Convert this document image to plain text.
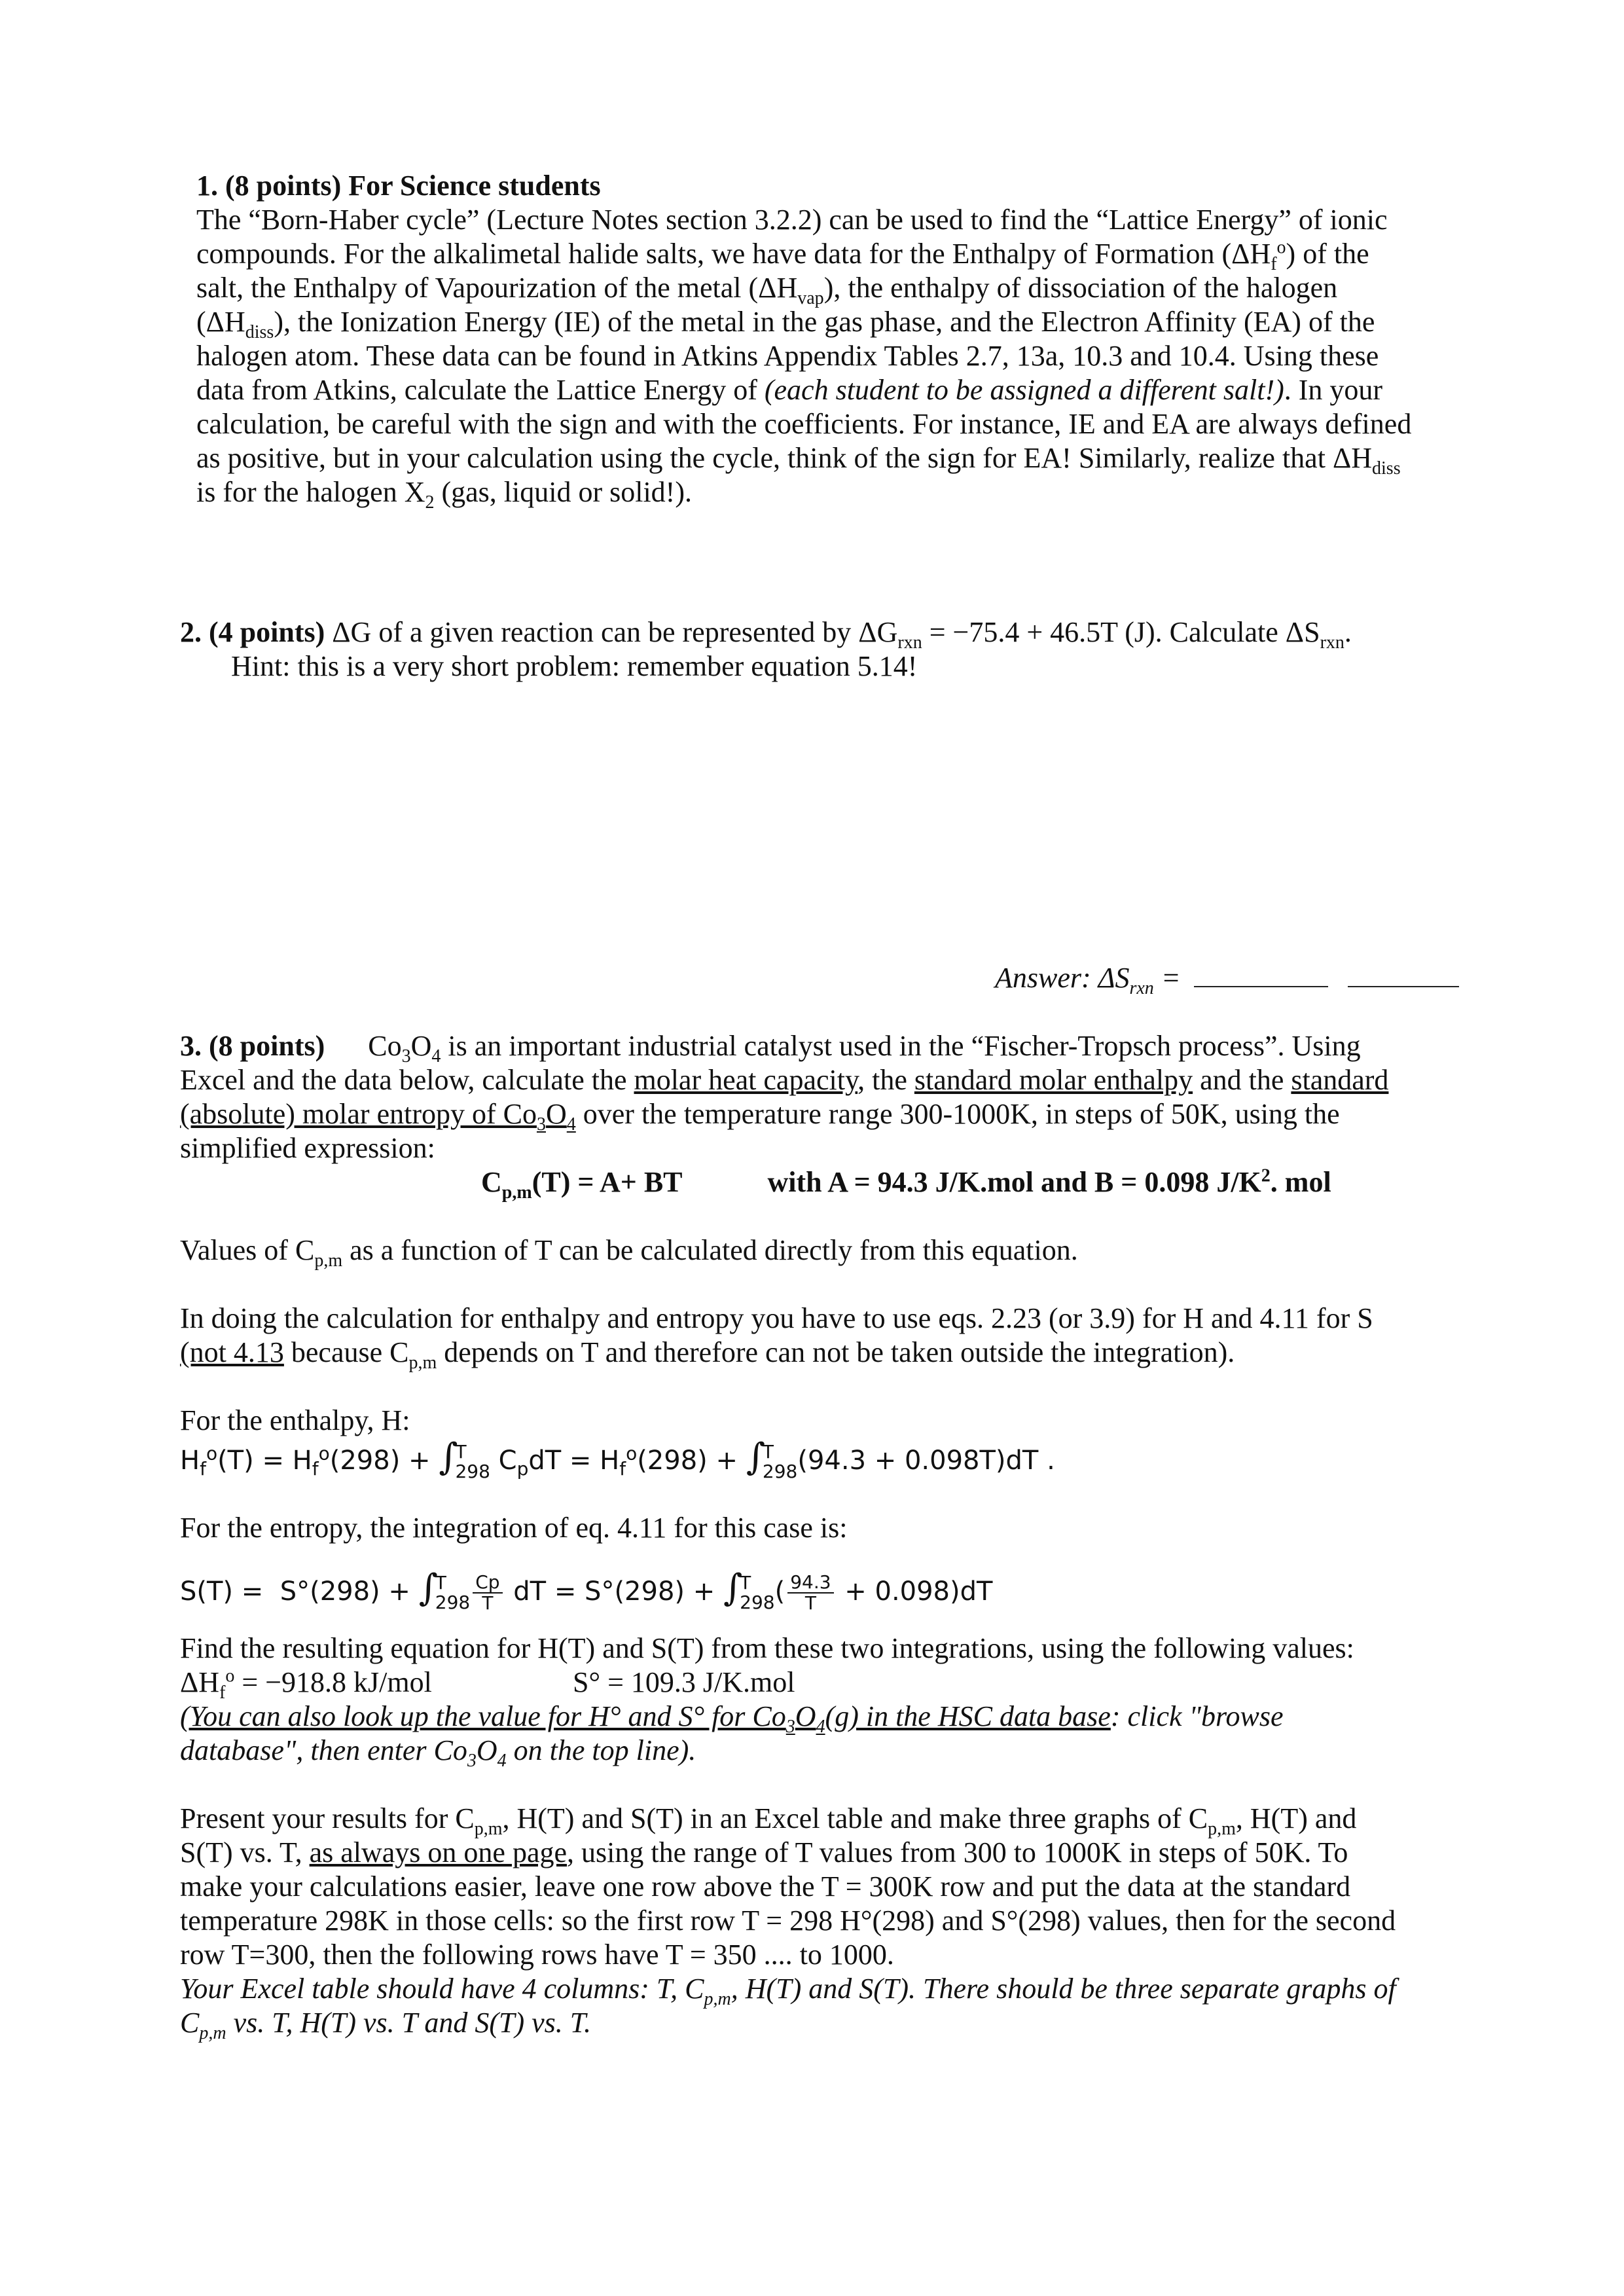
1. (8 points) For Science students
The “Born-Haber cycle” (Lecture Notes section 3.2.2) can be used to find the “Lattice Energy” of ionic
compounds. For the alkalimetal halide salts, we have data for the Enthalpy of Formation $(\Delta H_f^o)$ of the
salt, the Enthalpy of Vapourization of the metal $(\Delta H_{vap})$, the enthalpy of dissociation of the halogen
$(\Delta H_{diss})$, the Ionization Energy (IE) of the metal in the gas phase, and the Electron Affinity (EA) of the
halogen atom. These data can be found in Atkins Appendix Tables 2.7, 13a, 10.3 and 10.4. Using these
data from Atkins, calculate the Lattice Energy of (each student to be assigned a different salt!). In your
calculation, be careful with the sign and with the coefficients. For instance, IE and EA are always defined
as positive, but in your calculation using the cycle, think of the sign for EA! Similarly, realize that $\Delta H_{diss}$
is for the halogen $X_2$ (gas, liquid or solid!).
2. (4 points) ΔG of a given reaction can be represented by $\Delta G_{rxn} = -75.4 + 46.5T$ (J). Calculate $\Delta S_{rxn}$.
Hint: this is a very short problem: remember equation 5.14!
Answer: $\Delta S_{rxn}$ =
3. (8 points)      $Co_3O_4$ is an important industrial catalyst used in the “Fischer-Tropsch process”. Using
Excel and the data below, calculate the molar heat capacity, the standard molar enthalpy and the standard
(absolute) molar entropy of $Co_3O_4$ over the temperature range 300-1000K, in steps of 50K, using the
simplified expression:
$C_{p,m}(T) = A+$ BT	with A = 94.3 J/K.mol and B = 0.098 $J/K^2$. mol
Values of $C_{p,m}$ as a function of T can be calculated directly from this equation.
In doing the calculation for enthalpy and entropy you have to use eqs. 2.23 (or 3.9) for H and 4.11 for S
(not 4.13 because $C_{p,m}$ depends on T and therefore can not be taken outside the integration).
For the enthalpy, H:
$H_f^o(T) = H_f^o(298)$ + ∫
T
298 $C_pdT = H_f^o(298)$ + ∫
T
298 (94.3 + 0.098T)dT .
For the entropy, the integration of eq. 4.11 for this case is:
S(T) =  S°(298) + ∫
T
$298 \frac{Cp}{T}$ dT = S°(298) + ∫
T
298 ( $\frac{94.3}{T} + 0.098)dT$
Find the resulting equation for H(T) and S(T) from these two integrations, using the following values:
$\Delta H_f^o = -918.8$ kJ/mol	S° = 109.3 J/K.mol
(You can also look up the value for H° and S° for $Co_3O_4(g)$ in the HSC data base: click "browse
database", then enter $Co_3O_4$ on the top line).
Present your results for $C_{p,m}$, H(T) and S(T) in an Excel table and make three graphs of $C_{p,m}$, H(T) and
S(T) vs. T, as always on one page, using the range of T values from 300 to 1000K in steps of 50K. To
make your calculations easier, leave one row above the T = 300K row and put the data at the standard
temperature 298K in those cells: so the first row T = 298 H°(298) and S°(298) values, then for the second
row T=300, then the following rows have T = 350 .... to 1000.
Your Excel table should have 4 columns: T, $C_{p,m}$, H(T) and S(T). There should be three separate graphs of
$C_{p,m}$ vs. T, H(T) vs. T and S(T) vs. T.
